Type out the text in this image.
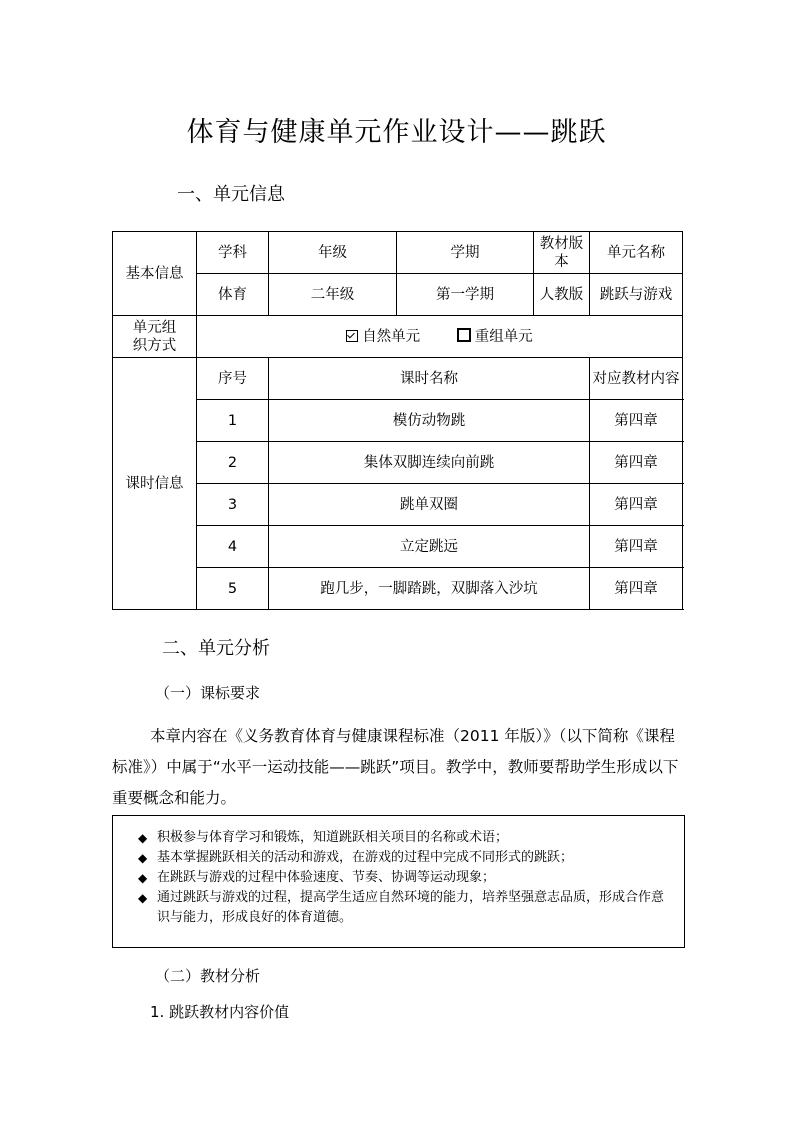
体育与健康单元作业设计——跳跃
一、单元信息
基本信息	学科	年级	学期	教材版本	单元名称
	体育	二年级	第一学期	人教版	跳跃与游戏
单元组织方式	自然单元 重组单元				
课时信息	序号	课时名称			对应教材内容
	1	模仿动物跳			第四章
	2	集体双脚连续向前跳			第四章
	3	跳单双圈			第四章
	4	立定跳远			第四章
	5	跑几步，一脚踏跳，双脚落入沙坑			第四章
二、单元分析
（一）课标要求
本章内容在《义务教育体育与健康课程标准（2011 年版）》（以下简称《课程标准》）中属于“水平一运动技能——跳跃”项目。教学中，教师要帮助学生形成以下重要概念和能力。
◆ 积极参与体育学习和锻炼，知道跳跃相关项目的名称或术语；
◆ 基本掌握跳跃相关的活动和游戏，在游戏的过程中完成不同形式的跳跃；
◆ 在跳跃与游戏的过程中体验速度、节奏、协调等运动现象；
◆ 通过跳跃与游戏的过程，提高学生适应自然环境的能力，培养坚强意志品质，形成合作意识与能力，形成良好的体育道德。
（二）教材分析
1. 跳跃教材内容价值
